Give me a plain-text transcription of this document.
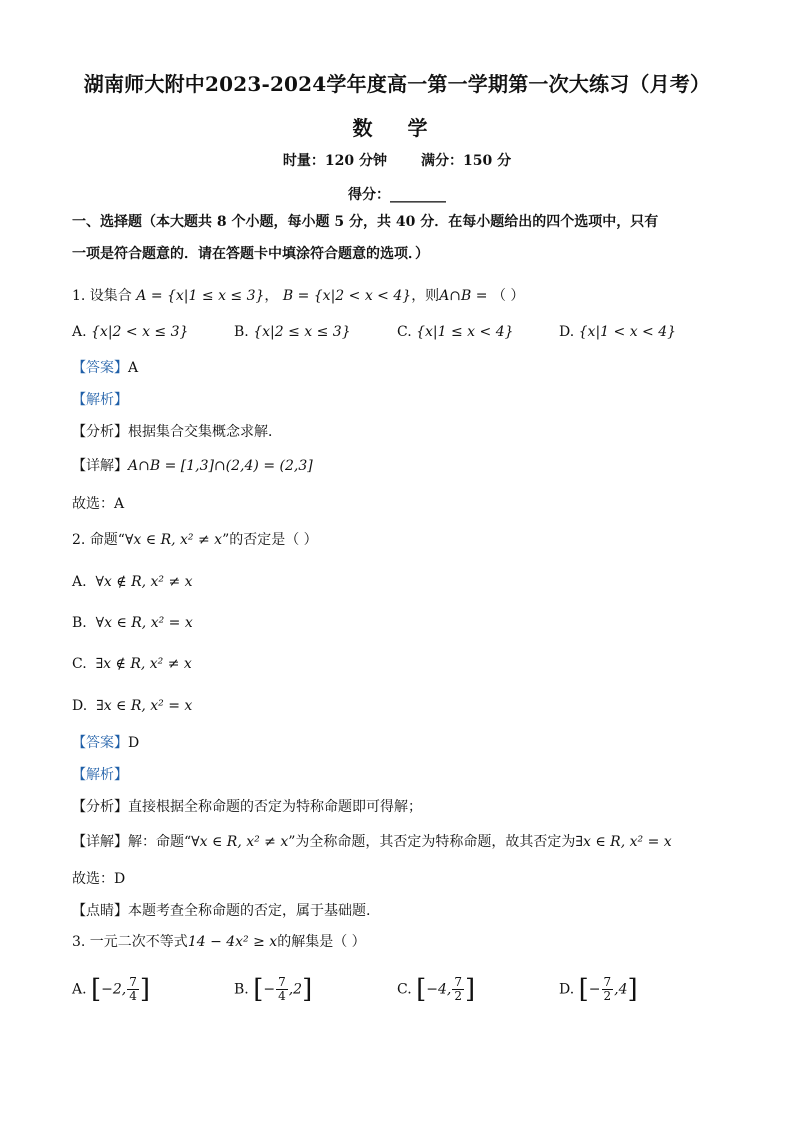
湖南师大附中2023-2024学年度高一第一学期第一次大练习（月考）
数 学
时量：120 分钟 满分：150 分
得分：________
一、选择题（本大题共 8 个小题，每小题 5 分，共 40 分．在每小题给出的四个选项中，只有
一项是符合题意的．请在答题卡中填涂符合题意的选项．）
1. 设集合 A = {x|1 ≤ x ≤ 3}， B = {x|2 < x < 4}，则A∩B = （ ）
A. {x|2 < x ≤ 3}	B. {x|2 ≤ x ≤ 3}	C. {x|1 ≤ x < 4}	D. {x|1 < x < 4}
【答案】A
【解析】
【分析】根据集合交集概念求解．
【详解】A∩B = [1,3]∩(2,4) = (2,3]
故选：A
2. 命题“∀x ∈ R, x² ≠ x”的否定是（ ）
A. ∀x ∉ R, x² ≠ x
B. ∀x ∈ R, x² = x
C. ∃x ∉ R, x² ≠ x
D. ∃x ∈ R, x² = x
【答案】D
【解析】
【分析】直接根据全称命题的否定为特称命题即可得解；
【详解】解：命题“∀x ∈ R, x² ≠ x”为全称命题，其否定为特称命题，故其否定为∃x ∈ R, x² = x
故选：D
【点睛】本题考查全称命题的否定，属于基础题.
3. 一元二次不等式14 − 4x² ≥ x的解集是（ ）
A. [−2, $\frac{7}{4}$ ]	B. [− $\frac{7}{4} ,2$]	C. [−4, $\frac{7}{2}$ ]	D. [− $\frac{7}{2} ,4$]
